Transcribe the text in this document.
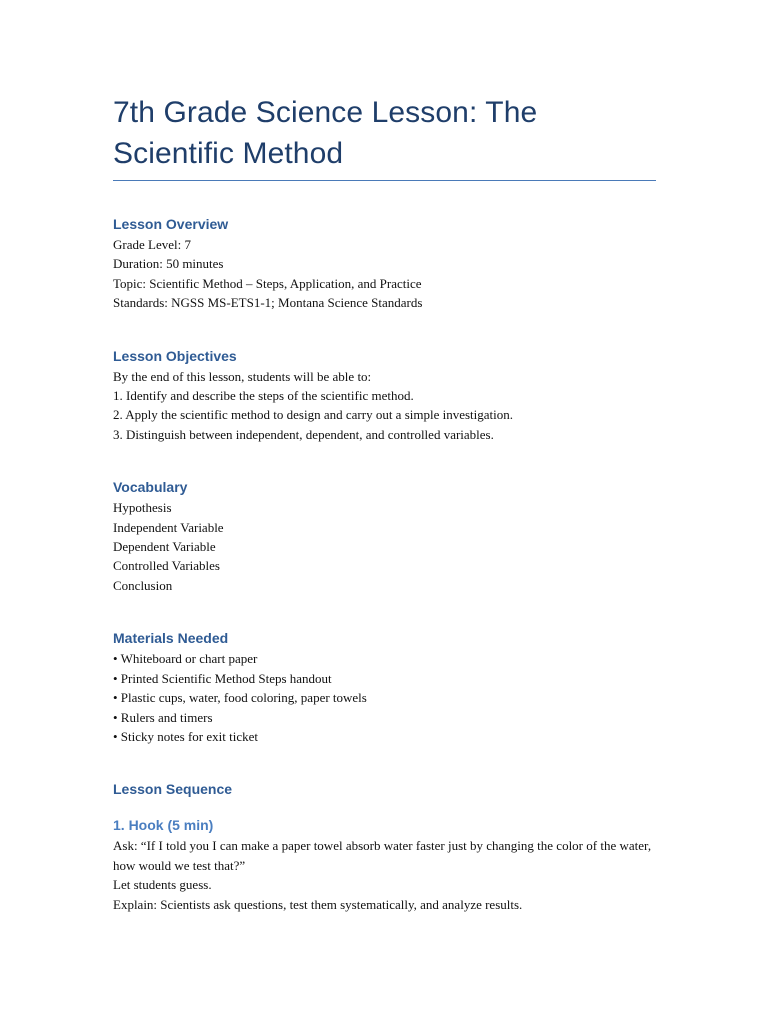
7th Grade Science Lesson: The Scientific Method
Lesson Overview

Grade Level: 7

Duration: 50 minutes

Topic: Scientific Method – Steps, Application, and Practice

Standards: NGSS MS-ETS1-1; Montana Science Standards

Lesson Objectives

By the end of this lesson, students will be able to:

1. Identify and describe the steps of the scientific method.

2. Apply the scientific method to design and carry out a simple investigation.

3. Distinguish between independent, dependent, and controlled variables.

Vocabulary

Hypothesis

Independent Variable

Dependent Variable

Controlled Variables

Conclusion

Materials Needed

• Whiteboard or chart paper

• Printed Scientific Method Steps handout

• Plastic cups, water, food coloring, paper towels

• Rulers and timers

• Sticky notes for exit ticket

Lesson Sequence
1. Hook (5 min)

Ask: “If I told you I can make a paper towel absorb water faster just by changing the color of the water, how would we test that?”

Let students guess.

Explain: Scientists ask questions, test them systematically, and analyze results.
